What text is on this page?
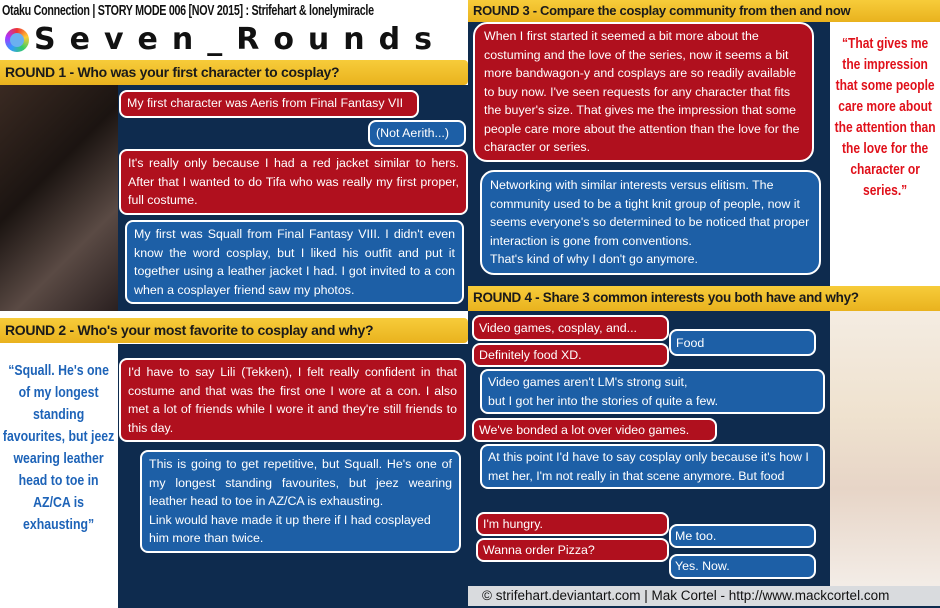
Otaku Connection | STORY MODE 006 [NOV 2015] : Strifehart & lonelymiracle
Seven_Rounds
ROUND 1 - Who was your first character to cosplay?
My first character was Aeris from Final Fantasy VII
(Not Aerith...)
It's really only because I had a red jacket similar to hers. After that I wanted to do Tifa who was really my first proper, full costume.
My first was Squall from Final Fantasy VIII. I didn't even know the word cosplay, but I liked his outfit and put it together using a leather jacket I had. I got invited to a con when a cosplayer friend saw my photos.
ROUND 2 - Who's your most favorite to cosplay and why?
“Squall. He's one of my longest standing favourites, but jeez wearing leather head to toe in AZ/CA is exhausting”
I'd have to say Lili (Tekken), I felt really confident in that costume and that was the first one I wore at a con. I also met a lot of friends while I wore it and they're still friends to this day.
This is going to get repetitive, but Squall. He's one of my longest standing favourites, but jeez wearing leather head to toe in AZ/CA is exhausting.
Link would have made it up there if I had cosplayed him more than twice.
ROUND 3 - Compare the cosplay community from then and now
“That gives me the impression that some people care more about the attention than the love for the character or series.”
When I first started it seemed a bit more about the costuming and the love of the series, now it seems a bit more bandwagon-y and cosplays are so readily available to buy now. I've seen requests for any character that fits the buyer's size. That gives me the impression that some people care more about the attention than the love for the character or series.
Networking with similar interests versus elitism. The community used to be a tight knit group of people, now it seems everyone's so determined to be noticed that proper interaction is gone from conventions.
That's kind of why I don't go anymore.
ROUND 4 - Share 3 common interests you both have and why?
Video games, cosplay, and...
Food
Definitely food XD.
Video games aren't LM's strong suit,
but I got her into the stories of quite a few.
We've bonded a lot over video games.
At this point I'd have to say cosplay only because it's how I met her, I'm not really in that scene anymore. But food
I'm hungry.
Me too.
Wanna order Pizza?
Yes. Now.
© strifehart.deviantart.com | Mak Cortel - http://www.mackcortel.com
